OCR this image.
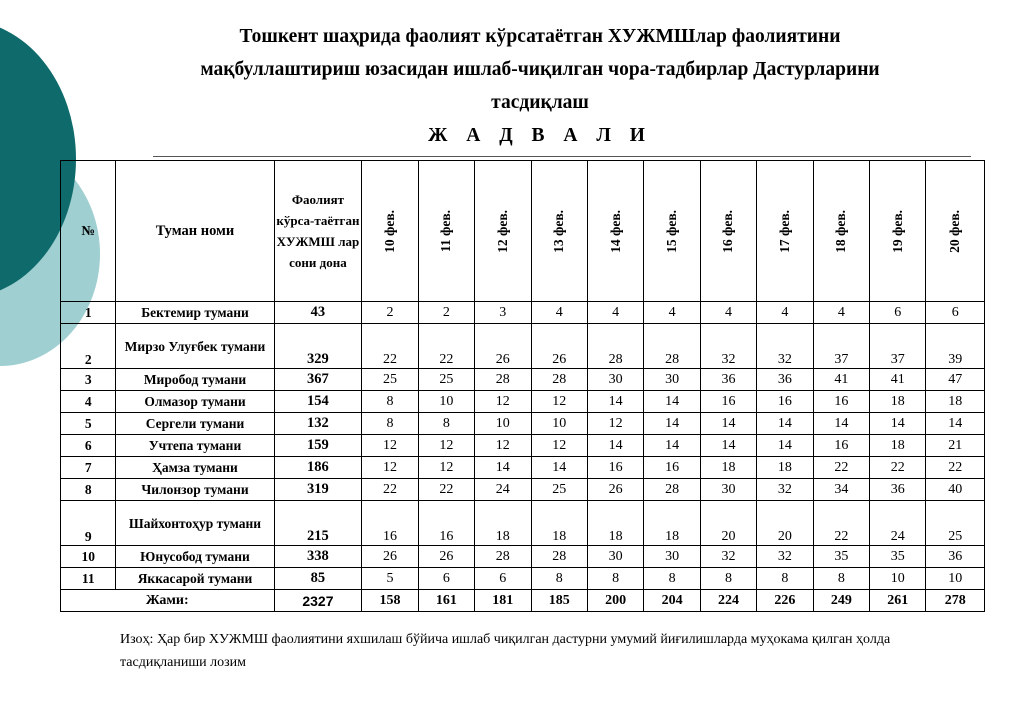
Тошкент шаҳрида фаолият кўрсатаётган ХУЖМШлар фаолиятини
мақбуллаштириш юзасидан ишлаб-чиқилган чора-тадбирлар Дастурларини
тасдиқлаш
Ж А Д В А Л И
№	Туман номи	Фаолият кўрса-таётган ХУЖМШ лар сони дона	10 фев.	11 фев.	12 фев.	13 фев.	14 фев.	15 фев.	16 фев.	17 фев.	18 фев.	19 фев.	20 фев.

1	Бектемир тумани	43	2	2	3	4	4	4	4	4	4	6	6
2	Мирзо Улуғбек тумани	329	22	22	26	26	28	28	32	32	37	37	39
3	Миробод тумани	367	25	25	28	28	30	30	36	36	41	41	47
4	Олмазор тумани	154	8	10	12	12	14	14	16	16	16	18	18
5	Сергели тумани	132	8	8	10	10	12	14	14	14	14	14	14
6	Учтепа тумани	159	12	12	12	12	14	14	14	14	16	18	21
7	Ҳамза тумани	186	12	12	14	14	16	16	18	18	22	22	22
8	Чилонзор тумани	319	22	22	24	25	26	28	30	32	34	36	40
9	Шайхонтоҳур тумани	215	16	16	18	18	18	18	20	20	22	24	25
10	Юнусобод тумани	338	26	26	28	28	30	30	32	32	35	35	36
11	Яккасарой тумани	85	5	6	6	8	8	8	8	8	8	10	10
Жами:		2327	158	161	181	185	200	204	224	226	249	261	278
Изоҳ: Ҳар бир ХУЖМШ фаолиятини яхшилаш бўйича ишлаб чиқилган дастурни умумий йиғилишларда муҳокама қилган ҳолда тасдиқланиши лозим
